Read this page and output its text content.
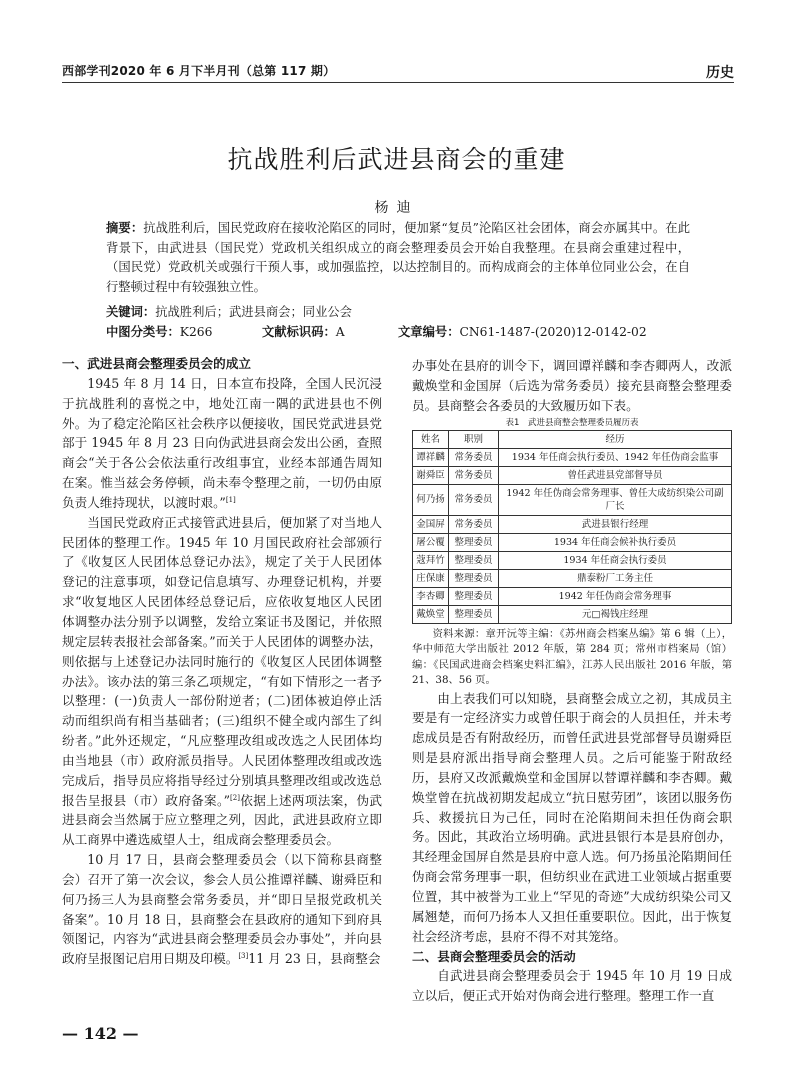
西部学刊2020 年 6 月下半月刊（总第 117 期）	历史
抗战胜利后武进县商会的重建
杨迪
摘要：抗战胜利后，国民党政府在接收沦陷区的同时，便加紧“复员”沦陷区社会团体，商会亦属其中。在此背景下，由武进县（国民党）党政机关组织成立的商会整理委员会开始自我整理。在县商会重建过程中，（国民党）党政机关或强行干预人事，或加强监控，以达控制目的。而构成商会的主体单位同业公会，在自行整顿过程中有较强独立性。
关键词：抗战胜利后；武进县商会；同业公会
中图分类号：K266	文献标识码：A	文章编号：CN61-1487-(2020)12-0142-02
一、武进县商会整理委员会的成立

1945 年 8 月 14 日，日本宣布投降，全国人民沉浸于抗战胜利的喜悦之中，地处江南一隅的武进县也不例外。为了稳定沦陷区社会秩序以便接收，国民党武进县党部于 1945 年 8 月 23 日向伪武进县商会发出公函，查照商会“关于各公会依法重行改组事宜，业经本部通告周知在案。惟当兹会务停顿，尚未奉令整理之前，一切仍由原负责人维持现状，以渡时艰。”[1]

当国民党政府正式接管武进县后，便加紧了对当地人民团体的整理工作。1945 年 10 月国民政府社会部颁行了《收复区人民团体总登记办法》，规定了关于人民团体登记的注意事项，如登记信息填写、办理登记机构，并要求“收复地区人民团体经总登记后，应依收复地区人民团体调整办法分别予以调整，发给立案证书及图记，并依照规定层转表报社会部备案。”而关于人民团体的调整办法，则依据与上述登记办法同时施行的《收复区人民团体调整办法》。该办法的第三条乙项规定，“有如下情形之一者予以整理：(一)负责人一部份附逆者；(二)团体被迫停止活动而组织尚有相当基础者；(三)组织不健全或内部生了纠纷者。”此外还规定，“凡应整理改组或改选之人民团体均由当地县（市）政府派员指导。人民团体整理改组或改选完成后，指导员应将指导经过分别填具整理改组或改选总报告呈报县（市）政府备案。”[2]依据上述两项法案，伪武进县商会当然属于应立整理之列，因此，武进县政府立即从工商界中遴选威望人士，组成商会整理委员会。

10 月 17 日，县商会整理委员会（以下简称县商整会）召开了第一次会议，参会人员公推谭祥麟、谢舜臣和何乃扬三人为县商整会常务委员，并“即日呈报党政机关备案”。10 月 18 日，县商整会在县政府的通知下到府具领图记，内容为“武进县商会整理委员会办事处”，并向县政府呈报图记启用日期及印模。[3]11 月 23 日，县商整会

办事处在县府的训令下，调回谭祥麟和李杏卿两人，改派戴焕堂和金国屏（后选为常务委员）接充县商整会整理委员。县商整会各委员的大致履历如下表。

表1　武进县商整会整理委员履历表
姓名	职别	经历
谭祥麟	常务委员	1934 年任商会执行委员、1942 年任伪商会监事
谢舜臣	常务委员	曾任武进县党部督导员
何乃扬	常务委员	1942 年任伪商会常务理事、曾任大成纺织染公司副厂长
金国屏	常务委员	武进县银行经理
屠公覆	整理委员	1934 年任商会候补执行委员
蔻拜竹	整理委员	1934 年任商会执行委员
庄保康	整理委员	鼎泰粉厂工务主任
李杏卿	整理委员	1942 年任伪商会常务理事
戴焕堂	整理委员	元□褐钱庄经理
资料来源：章开沅等主编：《苏州商会档案丛编》第 6 辑（上），华中师范大学出版社 2012 年版，第 284 页；常州市档案局（馆）编：《民国武进商会档案史料汇编》，江苏人民出版社 2016 年版，第 21、38、56 页。

由上表我们可以知晓，县商整会成立之初，其成员主要是有一定经济实力或曾任职于商会的人员担任，并未考虑成员是否有附敌经历，而曾任武进县党部督导员谢舜臣则是县府派出指导商会整理人员。之后可能鉴于附敌经历，县府又改派戴焕堂和金国屏以替谭祥麟和李杏卿。戴焕堂曾在抗战初期发起成立“抗日慰劳团”，该团以服务伤兵、救援抗日为己任，同时在沦陷期间未担任伪商会职务。因此，其政治立场明确。武进县银行本是县府创办，其经理金国屏自然是县府中意人选。何乃扬虽沦陷期间任伪商会常务理事一职，但纺织业在武进工业领域占据重要位置，其中被誉为工业上“罕见的奇迹”大成纺织染公司又属翘楚，而何乃扬本人又担任重要职位。因此，出于恢复社会经济考虑，县府不得不对其笼络。

二、县商会整理委员会的活动

自武进县商会整理委员会于 1945 年 10 月 19 日成立以后，便正式开始对伪商会进行整理。整理工作一直

— 142 —
